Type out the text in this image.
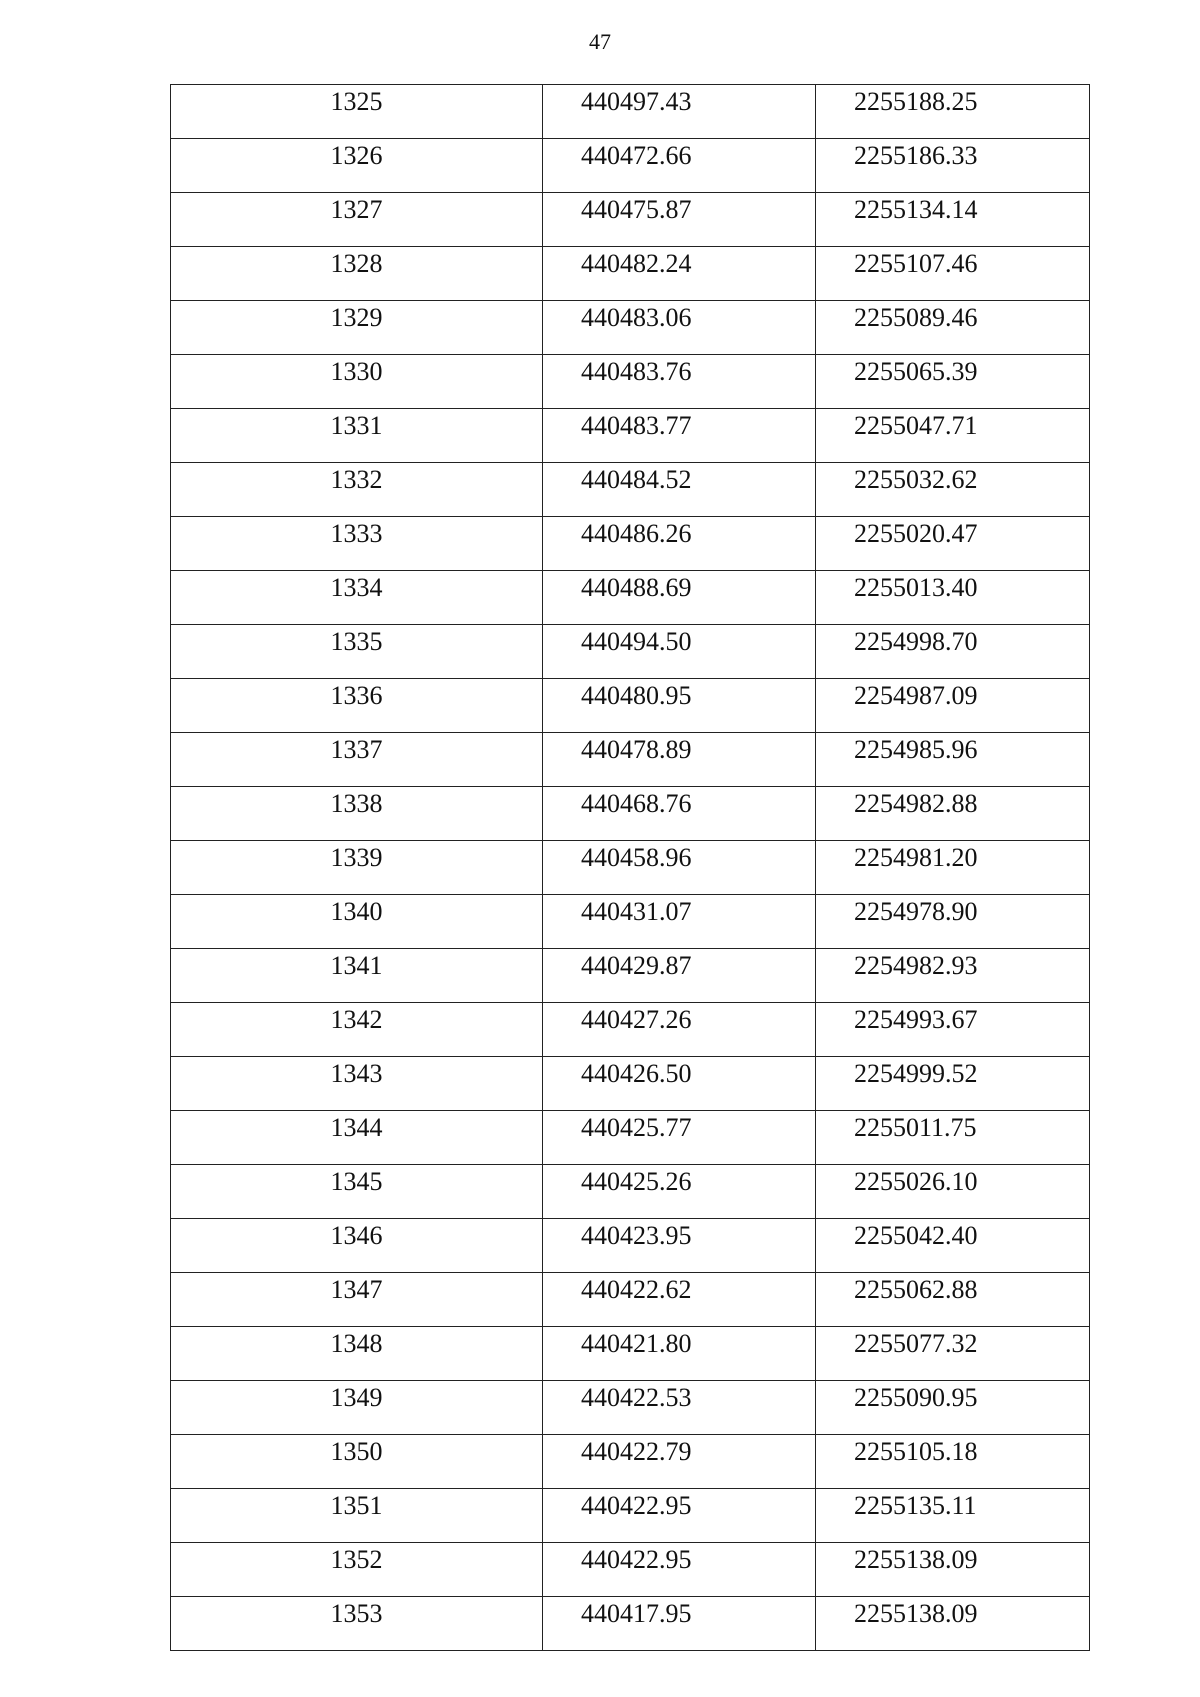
47
1325	440497.43	2255188.25

1326	440472.66	2255186.33

1327	440475.87	2255134.14

1328	440482.24	2255107.46

1329	440483.06	2255089.46

1330	440483.76	2255065.39

1331	440483.77	2255047.71

1332	440484.52	2255032.62

1333	440486.26	2255020.47

1334	440488.69	2255013.40

1335	440494.50	2254998.70

1336	440480.95	2254987.09

1337	440478.89	2254985.96

1338	440468.76	2254982.88

1339	440458.96	2254981.20

1340	440431.07	2254978.90

1341	440429.87	2254982.93

1342	440427.26	2254993.67

1343	440426.50	2254999.52

1344	440425.77	2255011.75

1345	440425.26	2255026.10

1346	440423.95	2255042.40

1347	440422.62	2255062.88

1348	440421.80	2255077.32

1349	440422.53	2255090.95

1350	440422.79	2255105.18

1351	440422.95	2255135.11

1352	440422.95	2255138.09

1353	440417.95	2255138.09
